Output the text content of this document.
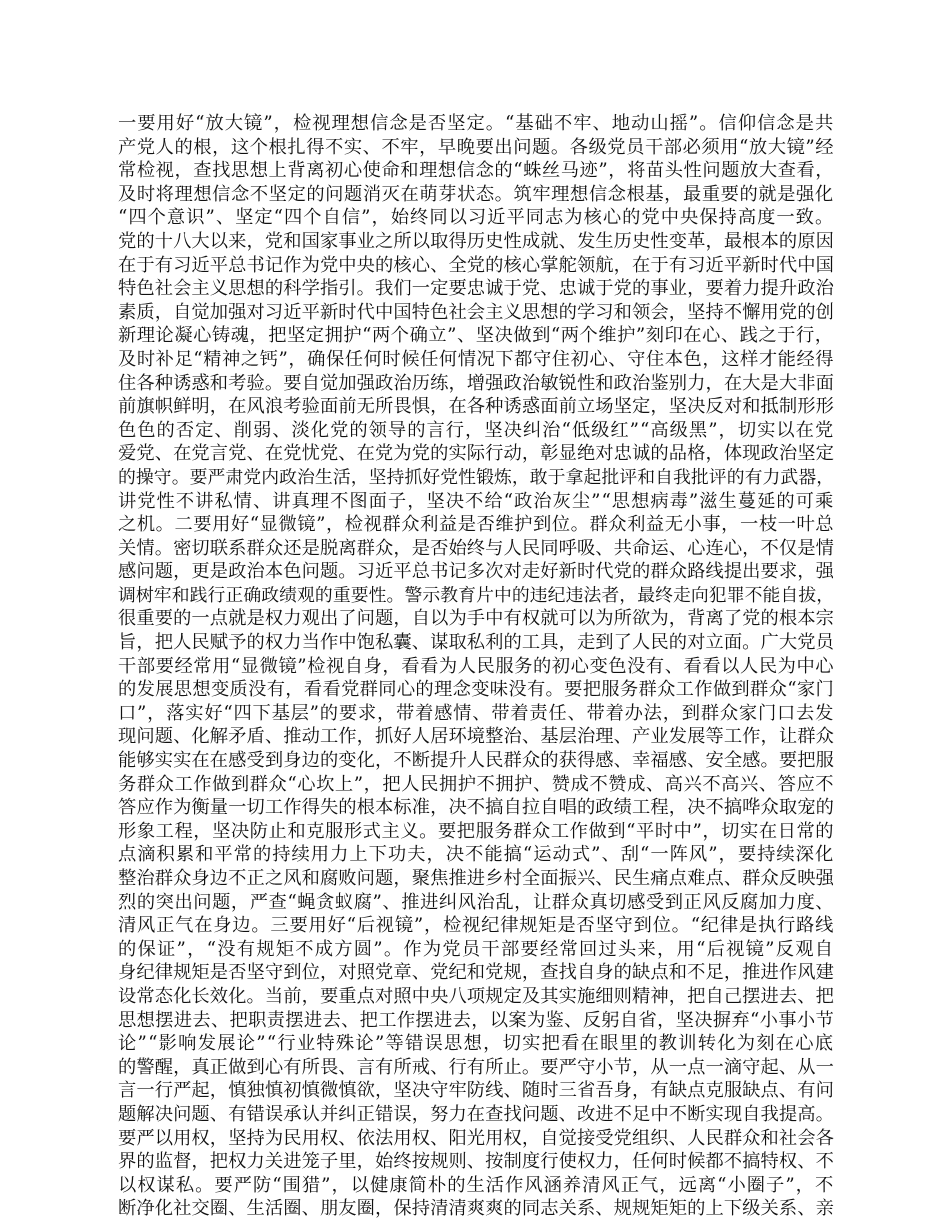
一要用好“放大镜”，检视理想信念是否坚定。“基础不牢、地动山摇”。信仰信念是共
产党人的根，这个根扎得不实、不牢，早晚要出问题。各级党员干部必须用“放大镜”经
常检视，查找思想上背离初心使命和理想信念的“蛛丝马迹”，将苗头性问题放大查看，
及时将理想信念不坚定的问题消灭在萌芽状态。筑牢理想信念根基，最重要的就是强化
“四个意识”、坚定“四个自信”，始终同以习近平同志为核心的党中央保持高度一致。
党的十八大以来，党和国家事业之所以取得历史性成就、发生历史性变革，最根本的原因
在于有习近平总书记作为党中央的核心、全党的核心掌舵领航，在于有习近平新时代中国
特色社会主义思想的科学指引。我们一定要忠诚于党、忠诚于党的事业，要着力提升政治
素质，自觉加强对习近平新时代中国特色社会主义思想的学习和领会，坚持不懈用党的创
新理论凝心铸魂，把坚定拥护“两个确立”、坚决做到“两个维护”刻印在心、践之于行，
及时补足“精神之钙”，确保任何时候任何情况下都守住初心、守住本色，这样才能经得
住各种诱惑和考验。要自觉加强政治历练，增强政治敏锐性和政治鉴别力，在大是大非面
前旗帜鲜明，在风浪考验面前无所畏惧，在各种诱惑面前立场坚定，坚决反对和抵制形形
色色的否定、削弱、淡化党的领导的言行，坚决纠治“低级红”“高级黑”，切实以在党
爱党、在党言党、在党忧党、在党为党的实际行动，彰显绝对忠诚的品格，体现政治坚定
的操守。要严肃党内政治生活，坚持抓好党性锻炼，敢于拿起批评和自我批评的有力武器，
讲党性不讲私情、讲真理不图面子，坚决不给“政治灰尘”“思想病毒”滋生蔓延的可乘
之机。二要用好“显微镜”，检视群众利益是否维护到位。群众利益无小事，一枝一叶总
关情。密切联系群众还是脱离群众，是否始终与人民同呼吸、共命运、心连心，不仅是情
感问题，更是政治本色问题。习近平总书记多次对走好新时代党的群众路线提出要求，强
调树牢和践行正确政绩观的重要性。警示教育片中的违纪违法者，最终走向犯罪不能自拔，
很重要的一点就是权力观出了问题，自以为手中有权就可以为所欲为，背离了党的根本宗
旨，把人民赋予的权力当作中饱私囊、谋取私利的工具，走到了人民的对立面。广大党员
干部要经常用“显微镜”检视自身，看看为人民服务的初心变色没有、看看以人民为中心
的发展思想变质没有，看看党群同心的理念变味没有。要把服务群众工作做到群众“家门
口”，落实好“四下基层”的要求，带着感情、带着责任、带着办法，到群众家门口去发
现问题、化解矛盾、推动工作，抓好人居环境整治、基层治理、产业发展等工作，让群众
能够实实在在感受到身边的变化，不断提升人民群众的获得感、幸福感、安全感。要把服
务群众工作做到群众“心坎上”，把人民拥护不拥护、赞成不赞成、高兴不高兴、答应不
答应作为衡量一切工作得失的根本标准，决不搞自拉自唱的政绩工程，决不搞哗众取宠的
形象工程，坚决防止和克服形式主义。要把服务群众工作做到“平时中”，切实在日常的
点滴积累和平常的持续用力上下功夫，决不能搞“运动式”、刮“一阵风”，要持续深化
整治群众身边不正之风和腐败问题，聚焦推进乡村全面振兴、民生痛点难点、群众反映强
烈的突出问题，严查“蝇贪蚁腐”、推进纠风治乱，让群众真切感受到正风反腐加力度、
清风正气在身边。三要用好“后视镜”，检视纪律规矩是否坚守到位。“纪律是执行路线
的保证”，“没有规矩不成方圆”。作为党员干部要经常回过头来，用“后视镜”反观自
身纪律规矩是否坚守到位，对照党章、党纪和党规，查找自身的缺点和不足，推进作风建
设常态化长效化。当前，要重点对照中央八项规定及其实施细则精神，把自己摆进去、把
思想摆进去、把职责摆进去、把工作摆进去，以案为鉴、反躬自省，坚决摒弃“小事小节
论”“影响发展论”“行业特殊论”等错误思想，切实把看在眼里的教训转化为刻在心底
的警醒，真正做到心有所畏、言有所戒、行有所止。要严守小节，从一点一滴守起、从一
言一行严起，慎独慎初慎微慎欲，坚决守牢防线、随时三省吾身，有缺点克服缺点、有问
题解决问题、有错误承认并纠正错误，努力在查找问题、改进不足中不断实现自我提高。
要严以用权，坚持为民用权、依法用权、阳光用权，自觉接受党组织、人民群众和社会各
界的监督，把权力关进笼子里，始终按规则、按制度行使权力，任何时候都不搞特权、不
以权谋私。要严防“围猎”，以健康简朴的生活作风涵养清风正气，远离“小圈子”，不
断净化社交圈、生活圈、朋友圈，保持清清爽爽的同志关系、规规矩矩的上下级关系、亲
